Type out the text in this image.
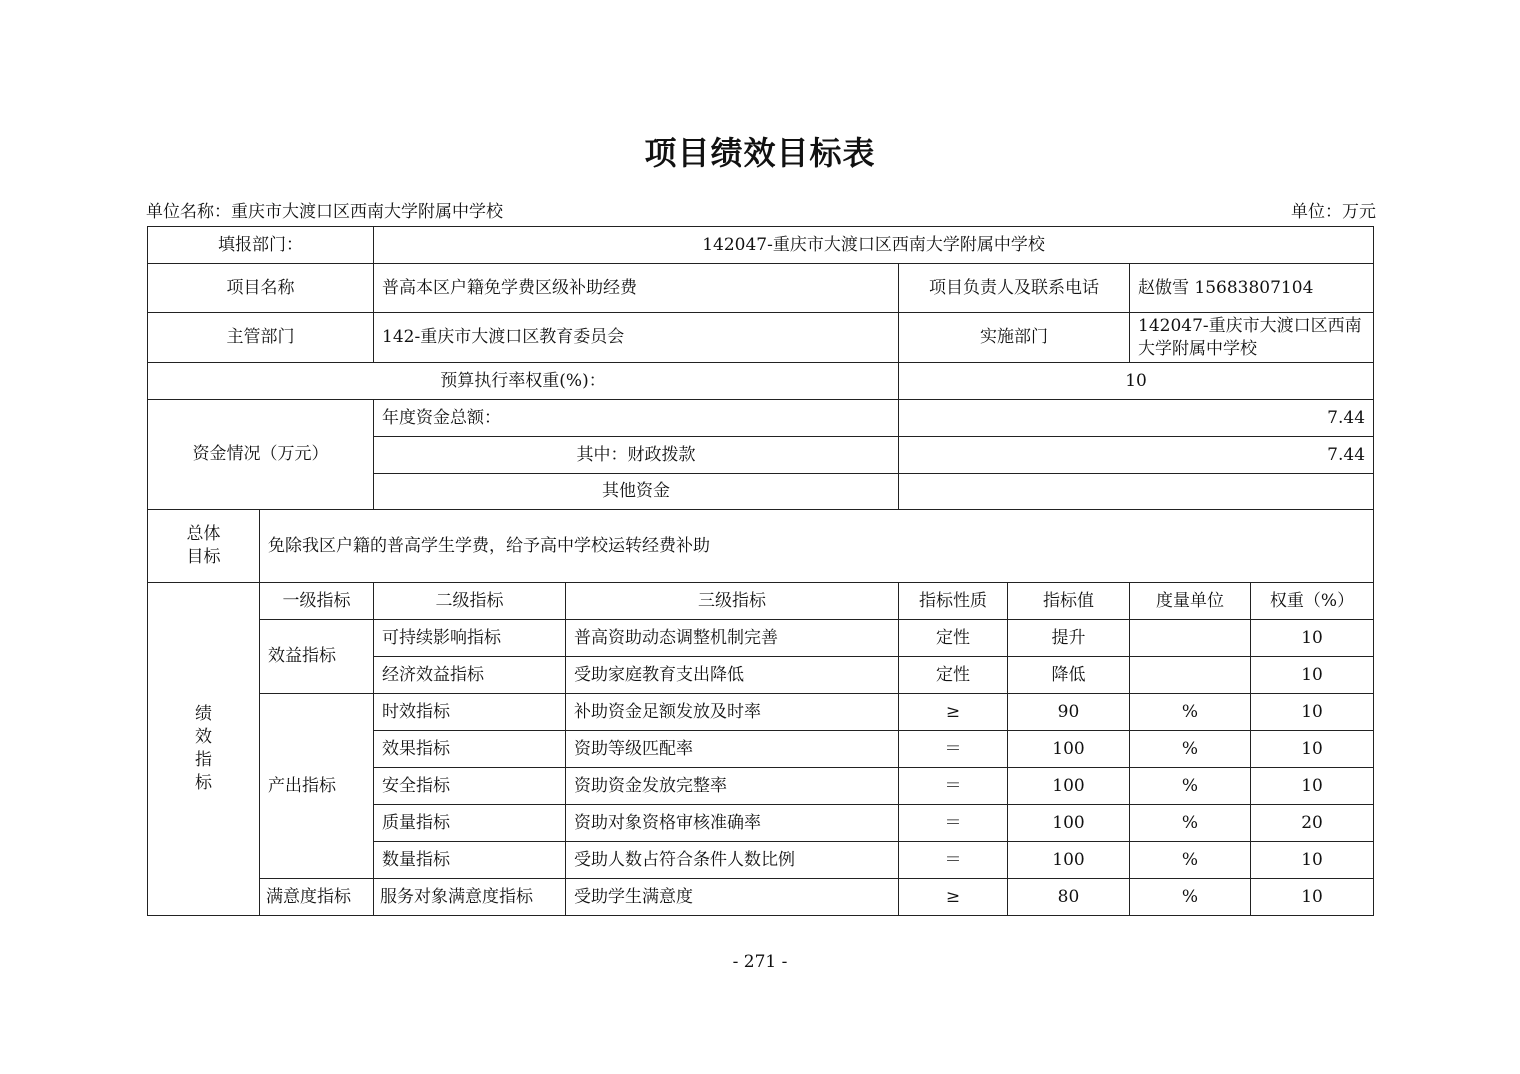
项目绩效目标表
单位名称：重庆市大渡口区西南大学附属中学校	单位：万元
填报部门：		142047-重庆市大渡口区西南大学附属中学校					
项目名称		普高本区户籍免学费区级补助经费		项目负责人及联系电话		赵傲雪 15683807104	
主管部门		142-重庆市大渡口区教育委员会		实施部门		142047-重庆市大渡口区西南大学附属中学校	
预算执行率权重(%)：				10			
资金情况（万元）		年度资金总额：		7.44			
		其中：财政拨款		7.44			
		其他资金					
总体目标	免除我区户籍的普高学生学费，给予高中学校运转经费补助						
绩效指标	一级指标	二级指标	三级指标	指标性质	指标值	度量单位	权重（%）
	效益指标	可持续影响指标	普高资助动态调整机制完善	定性	提升		10
		经济效益指标	受助家庭教育支出降低	定性	降低		10
	产出指标	时效指标	补助资金足额发放及时率	≥	90	%	10
		效果指标	资助等级匹配率	＝	100	%	10
		安全指标	资助资金发放完整率	＝	100	%	10
		质量指标	资助对象资格审核准确率	＝	100	%	20
		数量指标	受助人数占符合条件人数比例	＝	100	%	10
	满意度指标	服务对象满意度指标	受助学生满意度	≥	80	%	10
- 271 -
